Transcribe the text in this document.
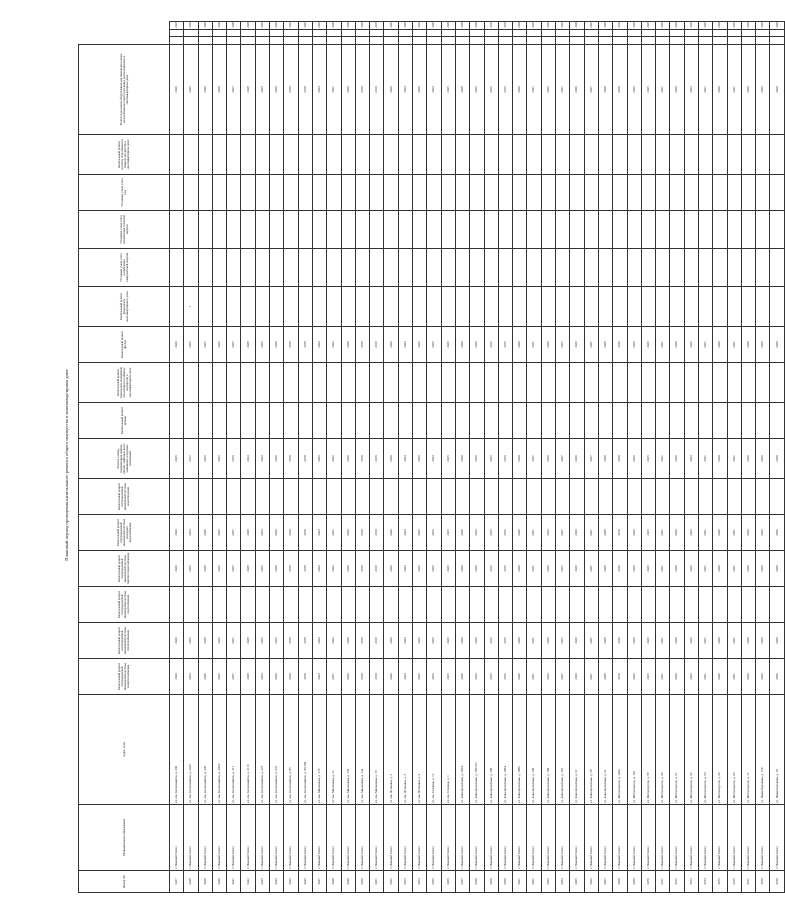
Плановый период проведения капитального ремонта общего имущества в многоквартирном доме
Номер п/п	Муниципальное образование	Адрес дома	Капитальный ремонт внутридомовой инженерной системы электроснабжения	Капитальный ремонт внутридомовой инженерной системы теплоснабжения	Капитальный ремонт внутридомовой инженерной системы газоснабжения	Капитальный ремонт внутридомовой инженерной системы горячего водоснабжения	Капитальный ремонт внутридомовой инженерной системы холодного водоснабжения	Капитальный ремонт внутридомовой инженерной системы водоотведения	Ремонт, замена, модернизация лифтов, ремонт лифтовых шахт, машинных и блочных помещений	Капитальный ремонт крыши	Капитальный ремонт подвальных помещений, относящихся к общему имуществу в многоквартирном доме	Капитальный ремонт фасада	Капитальный ремонт фундамента многоквартирного дома	Установка узлов учета потребления электрической энергии	Установка узлов учета потребления тепловой энергии	Установка узлов учета газа	Капитальный ремонт лестниц, относящихся к общему имуществу в многоквартирном доме	Ремонт или замена оборудования для инвалидов и иных маломобильных групп населения, расположенного в многоквартирном доме			
3437	г. Нижний Тагил	ул. им. Космонавтов, д. 200	2020	2020		2020	2020		2026			2020						2020			2025
3438	г. Нижний Тагил	ул. им. Космонавтов, д. 202б	2023	2023		2023	2023		2017			2023	1					2032			2026
3439	г. Нижний Тагил	ул. им. Космонавтов, д. 206	2030	2030		2030	2030		2026			2027						2030			2026
3440	г. Нижний Тагил	ул. им. Космонавтов, д. 206А	2026	2026		2026	2026		2025			2026						2028			2030
3441	г. Нижний Тагил	ул. им. Космонавтов, д. 211	2027	2021		2027	2027		2016			2027						2027			2030
3442	г. Нижний Тагил	ул. им. Космонавтов, д. 211б	2028	2028		2028	2028		2024			2028						2028			2030
3443	г. Нижний Тагил	ул. им. Космонавтов, д. 227	2023	2023		2023	2023		2023			2023						2023			2027
3444	г. Нижний Тагил	ул. им. Космонавтов, д. 231	2020	2023		2020	2020		2020			2020						2020			2026
3445	г. Нижний Тагил	ул. им. Космонавтов, д. 95	2019	2019		2019	2019		2019			2019						2019			2024
3446	г. Нижний Тагил	ул. им. Космонавтов, д. 96/109	2018	2018		2018	2018		2018			2018						2018			2027
3447	г. Нижний Тагил	ул. им. Малышева, д. 17б	2024	2024		2024	2024		2025			2024						2024			2026
3448	г. Нижний Тагил	ул. им. Малышева, д. 21	2027	2022		2022	2022		2022			2022						2022			2030
3449	г. Нижний Тагил	ул. им. Малышева, д. 154	2020	2020		2020	2020		2020			2020						2020			2030
3450	г. Нижний Тагил	ул. им. Малышева, д. 13а	2018	2018		2018	2018		2018			2018						2018			2031
3451	г. Нижний Тагил	ул. им. Малышева, д. 15	2019	2019		2019	2019		2019			2019						2019			2015
3452	г. Нижний Тагил	ул. им. Пушкина, д. 2	2020	2020		2020	2020		2020			2020						2020			2027
3453	г. Нижний Тагил	ул. им. Пушкина, д. 3	2024	2024		2024	2024		2024			2024						2024			2028
3454	г. Нижний Тагил	ул. им. Пушкина, д. 4	2026	2026		2026	2026		2026			2026						2026			2027
3455	г. Нижний Тагил	ул. им. Сталина, д. 17	2023	2023		2023	2023		2023			2023						2023			2031
3456	г. Нижний Тагил	ул. им. Сталина, д. 1	2025	2025		2025	2025		2025			2025						2025			2030
3457	г. Нижний Тагил	ул. Кинопрокатная, д. 106А	2028	2028		2028	2028		2028			2028						2028			2030
3458	г. Нижний Тагил	ул. Кинопрокатная, д. 106/107	2026	2026		2026	2026		2026			2026						2026			2030
3459	г. Нижний Тагил	ул. Кинопрокатная, д. 108	2015	2015		2015	2015		2015			2015						2015			2015
3460	г. Нижний Тагил	ул. Кинопрокатная, д. 108А	2016	2016		2016	2016		2016			2016						2016			2016
3461	г. Нижний Тагил	ул. Кинопрокатная, д. 108б	2029	2029		2029	2029		2029			2029						2029			2029
3462	г. Нижний Тагил	ул. Кинопрокатная, д. 108	2031	2031		2031	2031		2031			2031						2031			2031
3463	г. Нижний Тагил	ул. Кинопрокатная, д. 109	2026	2026		2026	2026		2026			2026						2026			2026
3464	г. Нижний Тагил	ул. Кинопрокатная, д. 110	2027	2027		2027	2027		2027			2027						2027			2027
3465	г. Нижний Тагил	ул. Кинопрокатная, д. 51	2030	2030		2030	2030		2030			2030						2030			2030
3466	г. Нижний Тагил	ул. Кинопрокатная, д. 58	2027	2027		2027	2027		2027			2027						2027			2027
3467	г. Нижний Тагил	ул. Кинопрокатная, д. 61	2028	2028		2028	2028		2028			2028						2028			2028
3468	г. Нижний Тагил	ул. Металлургов, д. 145а	2019	2019		2019	2019		2019			2019						2019			2019
3469	г. Нижний Тагил	ул. Металлургов, д. 152	2026	2026		2026	2026		2026			2026						2026			2026
3470	г. Нижний Тагил	ул. Металлургов, д. 58	2025	2025		2025	2025		2025			2025						2025			2025
3471	г. Нижний Тагил	ул. Металлургов, д. 60	2021	2021		2021	2021		2021			2021						2021			2021
3472	г. Нижний Тагил	ул. Металлургов, д. 61	2020	2020		2020	2020		2020			2020						2020			2020
3473	г. Нижний Тагил	ул. Металлургов, д. 62	2023	2023		2023	2023		2023			2023						2023			2023
3474	г. Нижний Тагил	ул. Металлургов, д. 63	2021	2021		2021	2021		2021			2021						2021			2021
3475	г. Нижний Тагил	ул. Металлургов, д. 64	2029	2029		2029	2029		2029			2029						2029			2029
3476	г. Нижний Тагил	ул. Металлургов, д. 65	2031	2031		2031	2031		2031			2031						2031			2031
3477	г. Нижний Тагил	ул. Металлургов, д. 71	2020	2020		2020	2020		2020			2020						2020			2020
3478	г. Нижний Тагил	ул. Правобережная, д. 129	2026	2026		2026	2026		2026			2026						2026			2026
3479	г. Нижний Тагил	ул. Правобережная, д. 18	2029	2029		2029	2029		2029			2029						2029			2029
